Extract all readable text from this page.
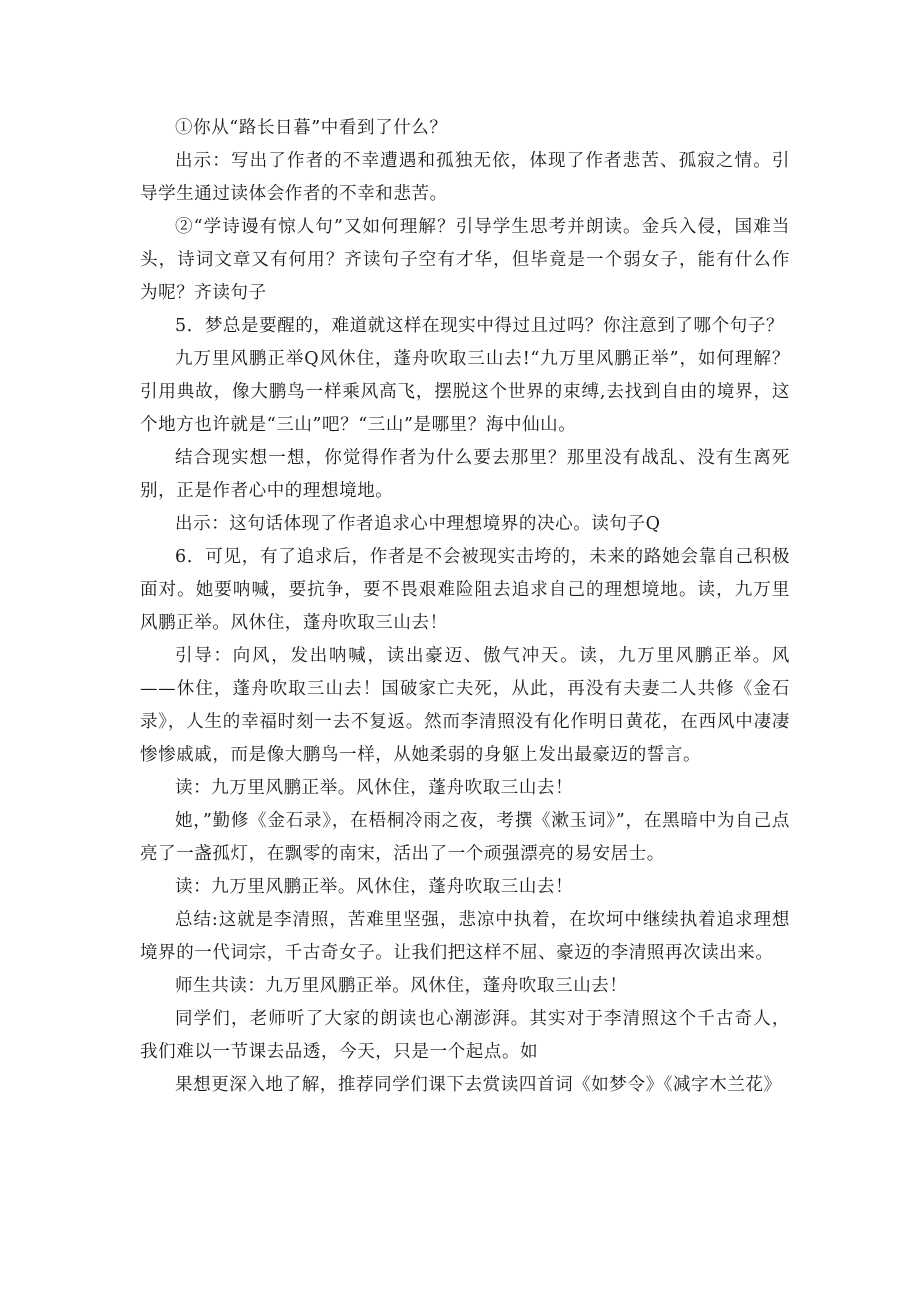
①你从“路长日暮”中看到了什么？

出示：写出了作者的不幸遭遇和孤独无依，体现了作者悲苦、孤寂之情。引导学生通过读体会作者的不幸和悲苦。

②“学诗谩有惊人句”又如何理解？引导学生思考并朗读。金兵入侵，国难当头，诗词文章又有何用？齐读句子空有才华，但毕竟是一个弱女子，能有什么作为呢？齐读句子

5．梦总是要醒的，难道就这样在现实中得过且过吗？你注意到了哪个句子？

九万里风鹏正举Q风休住，蓬舟吹取三山去!“九万里风鹏正举”，如何理解？引用典故，像大鹏鸟一样乘风高飞，摆脱这个世界的束缚,去找到自由的境界，这个地方也许就是“三山”吧？“三山”是哪里？海中仙山。

结合现实想一想，你觉得作者为什么要去那里？那里没有战乱、没有生离死别，正是作者心中的理想境地。

出示：这句话体现了作者追求心中理想境界的决心。读句子Q

6．可见，有了追求后，作者是不会被现实击垮的，未来的路她会靠自己积极面对。她要呐喊，要抗争，要不畏艰难险阻去追求自己的理想境地。读，九万里风鹏正举。风休住，蓬舟吹取三山去！

引导：向风，发出呐喊，读出豪迈、傲气冲天。读，九万里风鹏正举。风——休住，蓬舟吹取三山去！国破家亡夫死，从此，再没有夫妻二人共修《金石录》，人生的幸福时刻一去不复返。然而李清照没有化作明日黄花，在西风中凄凄惨惨戚戚，而是像大鹏鸟一样，从她柔弱的身躯上发出最豪迈的誓言。

读：九万里风鹏正举。风休住，蓬舟吹取三山去！

她，”勤修《金石录》，在梧桐冷雨之夜，考撰《漱玉词》”，在黑暗中为自己点亮了一盏孤灯，在飘零的南宋，活出了一个顽强漂亮的易安居士。

读：九万里风鹏正举。风休住，蓬舟吹取三山去！

总结:这就是李清照，苦难里坚强，悲凉中执着，在坎坷中继续执着追求理想境界的一代词宗，千古奇女子。让我们把这样不屈、豪迈的李清照再次读出来。

师生共读：九万里风鹏正举。风休住，蓬舟吹取三山去！

同学们，老师听了大家的朗读也心潮澎湃。其实对于李清照这个千古奇人，我们难以一节课去品透，今天，只是一个起点。如

果想更深入地了解，推荐同学们课下去赏读四首词《如梦令》《减字木兰花》
